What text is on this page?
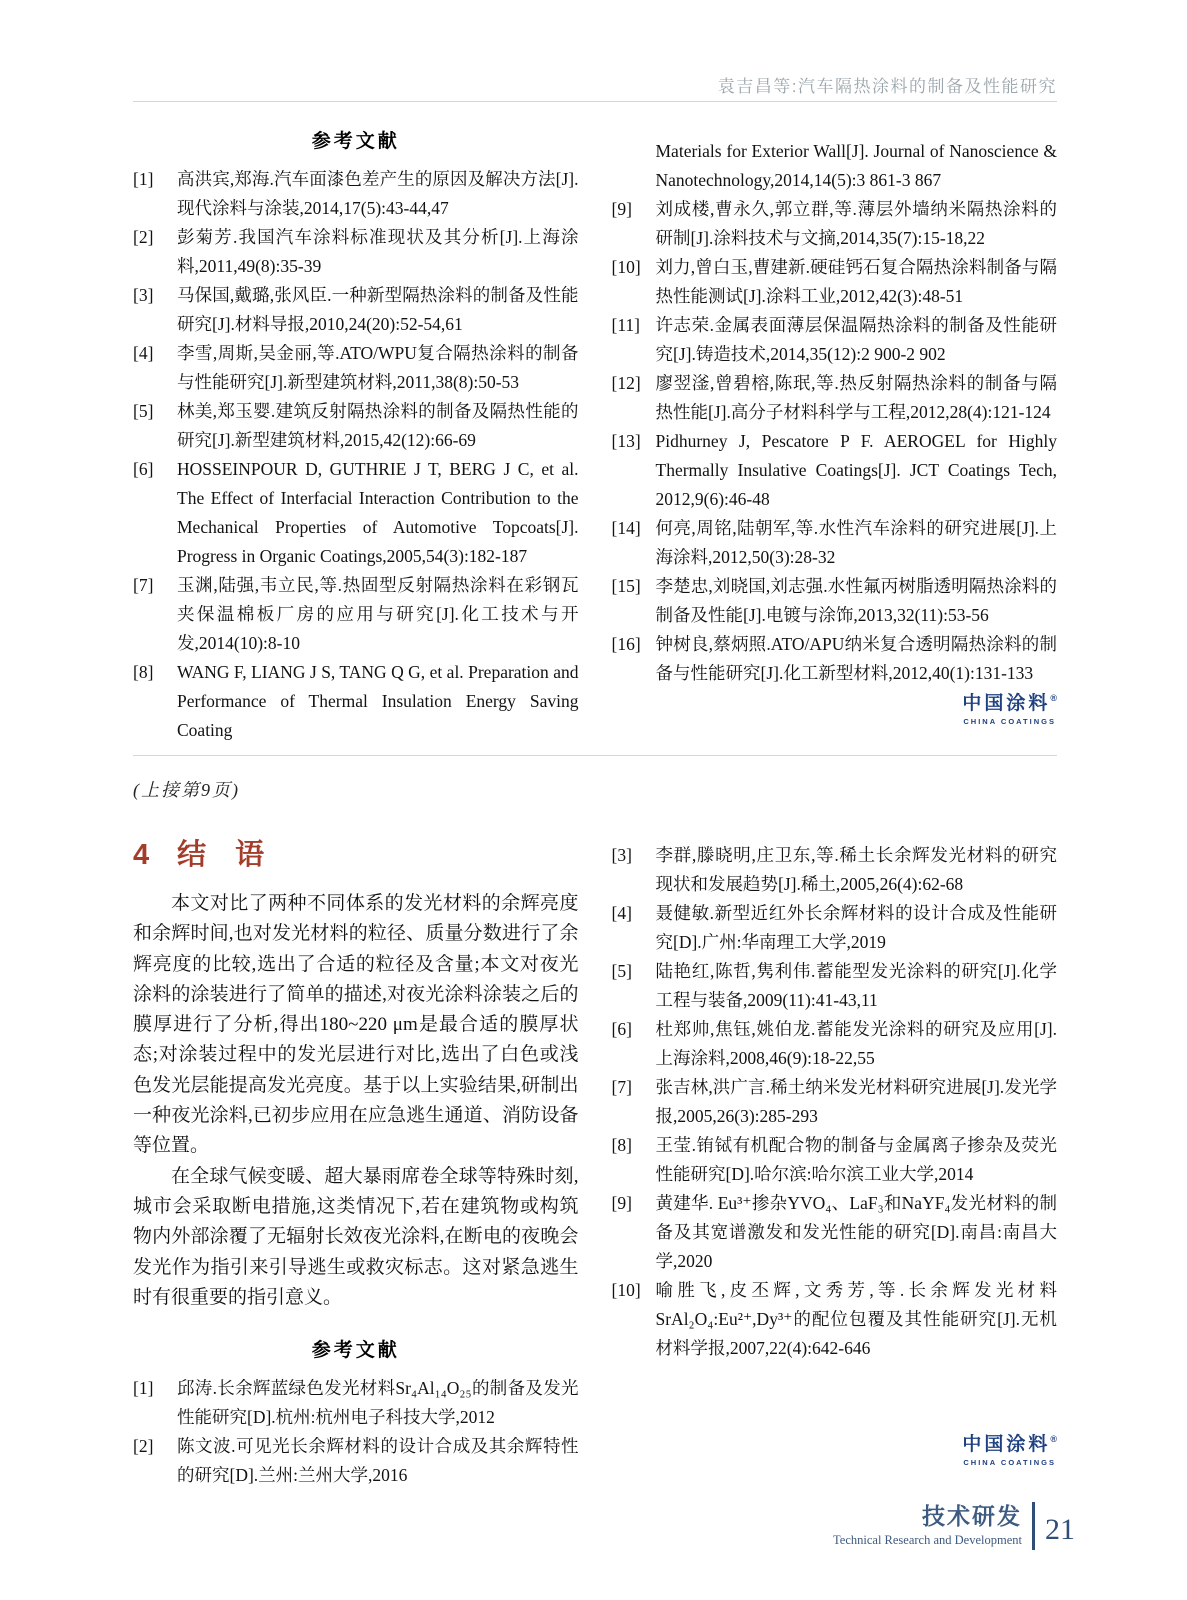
袁吉昌等:汽车隔热涂料的制备及性能研究
参考文献
[1]	高洪宾,郑海.汽车面漆色差产生的原因及解决方法[J].现代涂料与涂装,2014,17(5):43-44,47
[2]	彭菊芳.我国汽车涂料标准现状及其分析[J].上海涂料,2011,49(8):35-39
[3]	马保国,戴璐,张风臣.一种新型隔热涂料的制备及性能研究[J].材料导报,2010,24(20):52-54,61
[4]	李雪,周斯,吴金丽,等.ATO/WPU复合隔热涂料的制备与性能研究[J].新型建筑材料,2011,38(8):50-53
[5]	林美,郑玉婴.建筑反射隔热涂料的制备及隔热性能的研究[J].新型建筑材料,2015,42(12):66-69
[6]	HOSSEINPOUR D, GUTHRIE J T, BERG J C, et al. The Effect of Interfacial Interaction Contribution to the Mechanical Properties of Automotive Topcoats[J]. Progress in Organic Coatings,2005,54(3):182-187
[7]	玉渊,陆强,韦立民,等.热固型反射隔热涂料在彩钢瓦夹保温棉板厂房的应用与研究[J].化工技术与开发,2014(10):8-10
[8]	WANG F, LIANG J S, TANG Q G, et al. Preparation and Performance of Thermal Insulation Energy Saving Coating
Materials for Exterior Wall[J]. Journal of Nanoscience & Nanotechnology,2014,14(5):3 861-3 867
[9]	刘成楼,曹永久,郭立群,等.薄层外墙纳米隔热涂料的研制[J].涂料技术与文摘,2014,35(7):15-18,22
[10] 刘力,曾白玉,曹建新.硬硅钙石复合隔热涂料制备与隔热性能测试[J].涂料工业,2012,42(3):48-51
[11] 许志荣.金属表面薄层保温隔热涂料的制备及性能研究[J].铸造技术,2014,35(12):2 900-2 902
[12] 廖翌滏,曾碧榕,陈珉,等.热反射隔热涂料的制备与隔热性能[J].高分子材料科学与工程,2012,28(4):121-124
[13] Pidhurney J, Pescatore P F. AEROGEL for Highly Thermally Insulative Coatings[J]. JCT Coatings Tech, 2012,9(6):46-48
[14] 何亮,周铭,陆朝军,等.水性汽车涂料的研究进展[J].上海涂料,2012,50(3):28-32
[15] 李楚忠,刘晓国,刘志强.水性氟丙树脂透明隔热涂料的制备及性能[J].电镀与涂饰,2013,32(11):53-56
[16] 钟树良,蔡炳照.ATO/APU纳米复合透明隔热涂料的制备与性能研究[J].化工新型材料,2012,40(1):131-133
中国涂料®
CHINA COATINGS
(上接第9页)
4 结　语

本文对比了两种不同体系的发光材料的余辉亮度和余辉时间,也对发光材料的粒径、质量分数进行了余辉亮度的比较,选出了合适的粒径及含量;本文对夜光涂料的涂装进行了简单的描述,对夜光涂料涂装之后的膜厚进行了分析,得出180~220 μm是最合适的膜厚状态;对涂装过程中的发光层进行对比,选出了白色或浅色发光层能提高发光亮度。基于以上实验结果,研制出一种夜光涂料,已初步应用在应急逃生通道、消防设备等位置。

在全球气候变暖、超大暴雨席卷全球等特殊时刻,城市会采取断电措施,这类情况下,若在建筑物或构筑物内外部涂覆了无辐射长效夜光涂料,在断电的夜晚会发光作为指引来引导逃生或救灾标志。这对紧急逃生时有很重要的指引意义。

参考文献
[1]	邱涛.长余辉蓝绿色发光材料Sr₄Al₁₄O₂₅的制备及发光性能研究[D].杭州:杭州电子科技大学,2012
[2]	陈文波.可见光长余辉材料的设计合成及其余辉特性的研究[D].兰州:兰州大学,2016
[3]	李群,滕晓明,庄卫东,等.稀土长余辉发光材料的研究现状和发展趋势[J].稀土,2005,26(4):62-68
[4]	聂健敏.新型近红外长余辉材料的设计合成及性能研究[D].广州:华南理工大学,2019
[5]	陆艳红,陈哲,隽利伟.蓄能型发光涂料的研究[J].化学工程与装备,2009(11):41-43,11
[6]	杜郑帅,焦钰,姚伯龙.蓄能发光涂料的研究及应用[J].上海涂料,2008,46(9):18-22,55
[7]	张吉林,洪广言.稀土纳米发光材料研究进展[J].发光学报,2005,26(3):285-293
[8]	王莹.铕铽有机配合物的制备与金属离子掺杂及荧光性能研究[D].哈尔滨:哈尔滨工业大学,2014
[9]	黄建华. Eu³⁺掺杂YVO₄、LaF₃和NaYF₄发光材料的制备及其宽谱激发和发光性能的研究[D].南昌:南昌大学,2020
[10] 喻胜飞,皮丕辉,文秀芳,等.长余辉发光材料SrAl₂O₄:Eu²⁺,Dy³⁺的配位包覆及其性能研究[J].无机材料学报,2007,22(4):642-646
中国涂料®
CHINA COATINGS
技术研发
Technical Research and Development 21
